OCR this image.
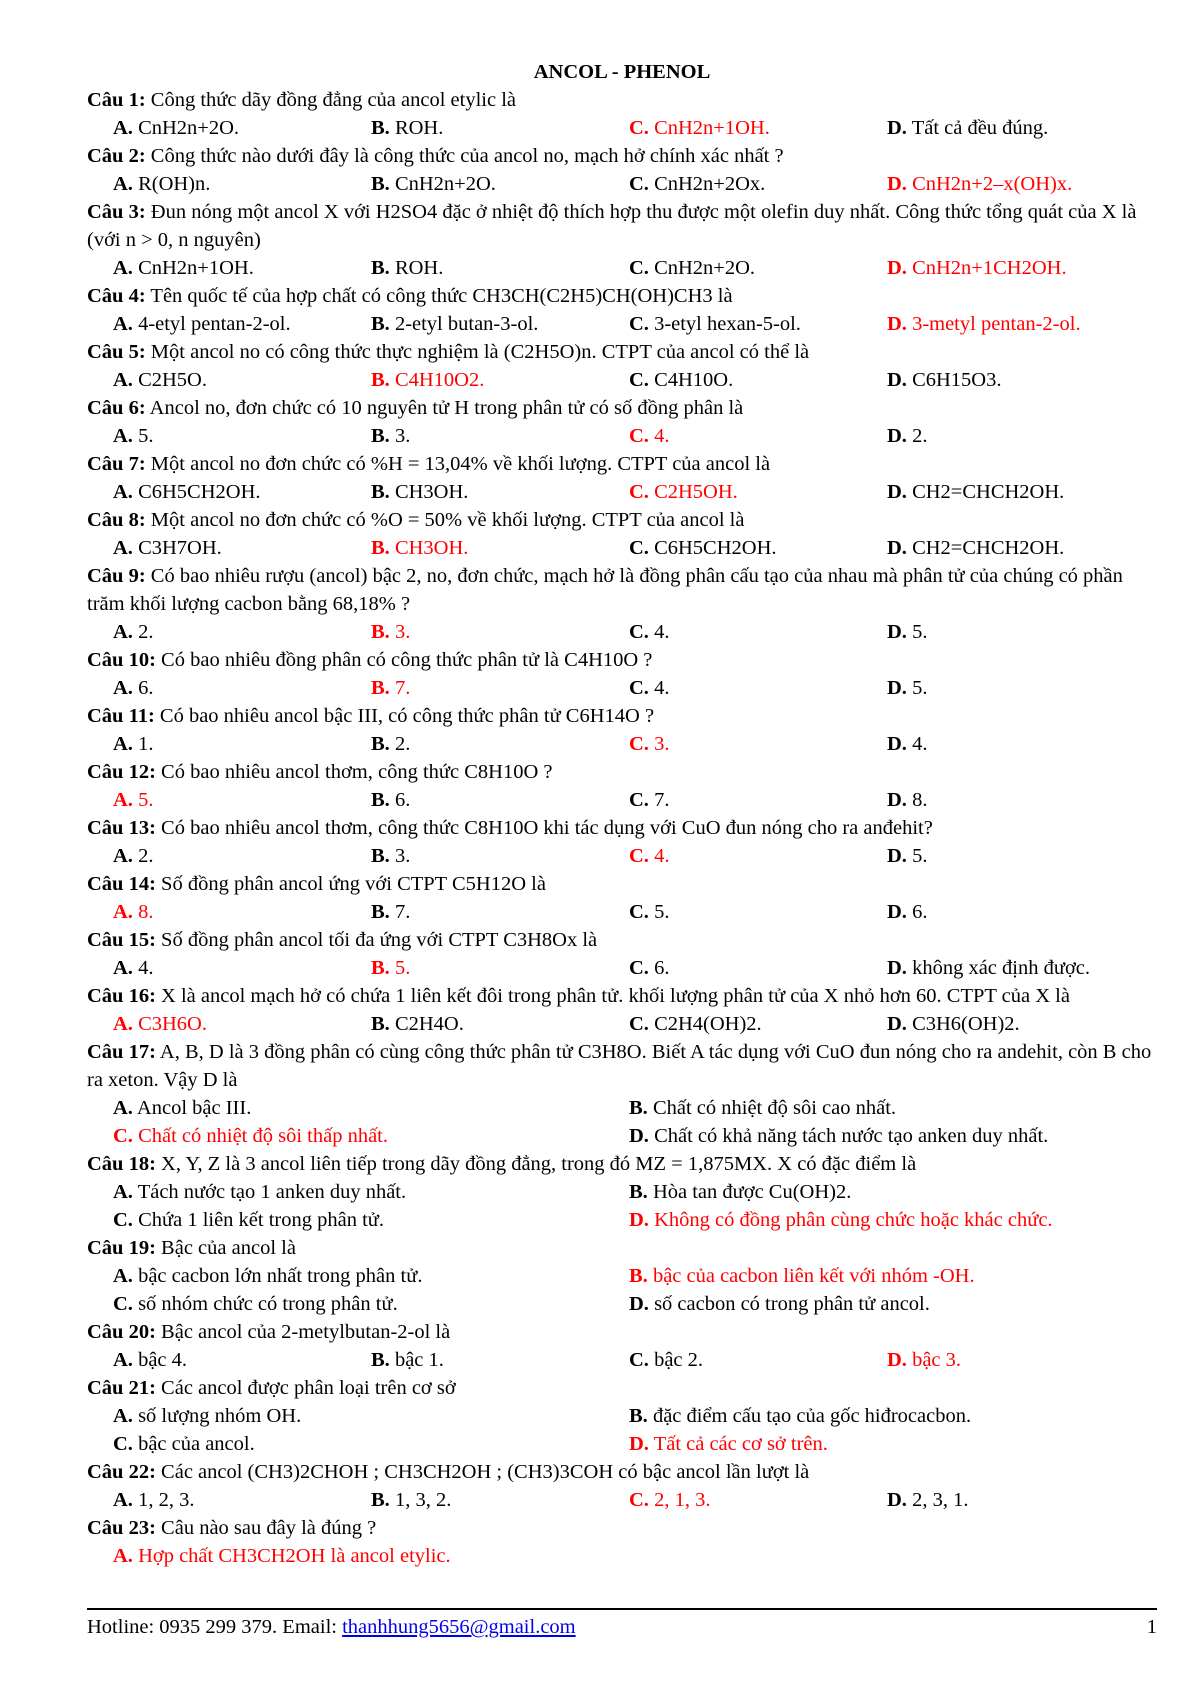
ANCOL - PHENOL
Câu 1: Công thức dãy đồng đẳng của ancol etylic là
A. CnH2n+2O.	B. ROH.	C. CnH2n+1OH.	D. Tất cả đều đúng.
Câu 2: Công thức nào dưới đây là công thức của ancol no, mạch hở chính xác nhất ?
A. R(OH)n.	B. CnH2n+2O.	C. CnH2n+2Ox.	D. CnH2n+2–x(OH)x.
Câu 3: Đun nóng một ancol X với H2SO4 đặc ở nhiệt độ thích hợp thu được một olefin duy nhất. Công thức tổng quát của X là (với n > 0, n nguyên)
A. CnH2n+1OH.	B. ROH.	C. CnH2n+2O.	D. CnH2n+1CH2OH.
Câu 4: Tên quốc tế của hợp chất có công thức CH3CH(C2H5)CH(OH)CH3 là
A. 4-etyl pentan-2-ol.	B. 2-etyl butan-3-ol.	C. 3-etyl hexan-5-ol.	D. 3-metyl pentan-2-ol.
Câu 5: Một ancol no có công thức thực nghiệm là (C2H5O)n. CTPT của ancol có thể là
A. C2H5O.	B. C4H10O2.	C. C4H10O.	D. C6H15O3.
Câu 6: Ancol no, đơn chức có 10 nguyên tử H trong phân tử có số đồng phân là
A. 5.	B. 3.	C. 4.	D. 2.
Câu 7: Một ancol no đơn chức có %H = 13,04% về khối lượng. CTPT của ancol là
A. C6H5CH2OH.	B. CH3OH.	C. C2H5OH.	D. CH2=CHCH2OH.
Câu 8: Một ancol no đơn chức có %O = 50% về khối lượng. CTPT của ancol là
A. C3H7OH.	B. CH3OH.	C. C6H5CH2OH.	D. CH2=CHCH2OH.
Câu 9: Có bao nhiêu rượu (ancol) bậc 2, no, đơn chức, mạch hở là đồng phân cấu tạo của nhau mà phân tử của chúng có phần trăm khối lượng cacbon bằng 68,18% ?
A. 2.	B. 3.	C. 4.	D. 5.
Câu 10: Có bao nhiêu đồng phân có công thức phân tử là C4H10O ?
A. 6.	B. 7.	C. 4.	D. 5.
Câu 11: Có bao nhiêu ancol bậc III, có công thức phân tử C6H14O ?
A. 1.	B. 2.	C. 3.	D. 4.
Câu 12: Có bao nhiêu ancol thơm, công thức C8H10O ?
A. 5.	B. 6.	C. 7.	D. 8.
Câu 13: Có bao nhiêu ancol thơm, công thức C8H10O khi tác dụng với CuO đun nóng cho ra anđehit?
A. 2.	B. 3.	C. 4.	D. 5.
Câu 14: Số đồng phân ancol ứng với CTPT C5H12O là
A. 8.	B. 7.	C. 5.	D. 6.
Câu 15: Số đồng phân ancol tối đa ứng với CTPT C3H8Ox là
A. 4.	B. 5.	C. 6.	D. không xác định được.
Câu 16: X là ancol mạch hở có chứa 1 liên kết đôi trong phân tử. khối lượng phân tử của X nhỏ hơn 60. CTPT của X là
A. C3H6O.	B. C2H4O.	C. C2H4(OH)2.	D. C3H6(OH)2.
Câu 17: A, B, D là 3 đồng phân có cùng công thức phân tử C3H8O. Biết A tác dụng với CuO đun nóng cho ra andehit, còn B cho ra xeton. Vậy D là
A. Ancol bậc III.	B. Chất có nhiệt độ sôi cao nhất.
C. Chất có nhiệt độ sôi thấp nhất.	D. Chất có khả năng tách nước tạo anken duy nhất.
Câu 18: X, Y, Z là 3 ancol liên tiếp trong dãy đồng đẳng, trong đó MZ = 1,875MX. X có đặc điểm là
A. Tách nước tạo 1 anken duy nhất.	B. Hòa tan được Cu(OH)2.
C. Chứa 1 liên kết trong phân tử.	D. Không có đồng phân cùng chức hoặc khác chức.
Câu 19: Bậc của ancol là
A. bậc cacbon lớn nhất trong phân tử.	B. bậc của cacbon liên kết với nhóm -OH.
C. số nhóm chức có trong phân tử.	D. số cacbon có trong phân tử ancol.
Câu 20: Bậc ancol của 2-metylbutan-2-ol là
A. bậc 4.	B. bậc 1.	C. bậc 2.	D. bậc 3.
Câu 21: Các ancol được phân loại trên cơ sở
A. số lượng nhóm OH.	B. đặc điểm cấu tạo của gốc hiđrocacbon.
C. bậc của ancol.	D. Tất cả các cơ sở trên.
Câu 22: Các ancol (CH3)2CHOH ; CH3CH2OH ; (CH3)3COH có bậc ancol lần lượt là
A. 1, 2, 3.	B. 1, 3, 2.	C. 2, 1, 3.	D. 2, 3, 1.
Câu 23: Câu nào sau đây là đúng ?
A. Hợp chất CH3CH2OH là ancol etylic.
Hotline: 0935 299 379. Email: thanhhung5656@gmail.com	1
